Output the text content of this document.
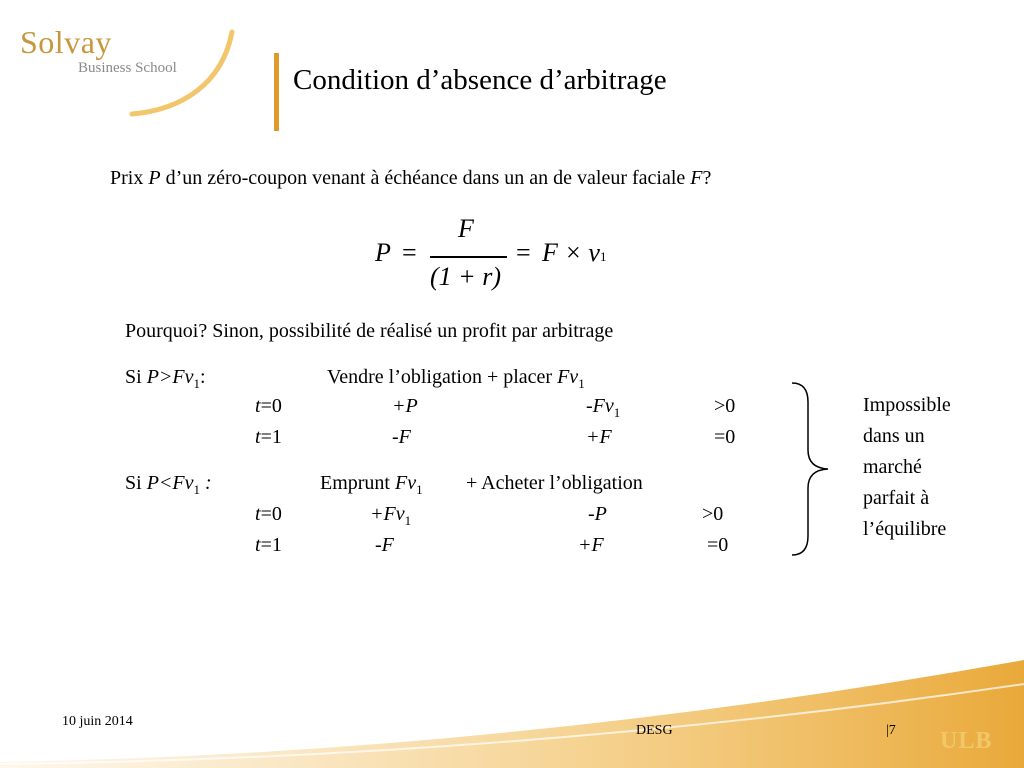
Solvay
Business School	Condition d’absence d’arbitrage
Prix P d’un zéro-coupon venant à échéance dans un an de valeur faciale F?
P =
F
(1 + r)
= F × v1
Pourquoi? Sinon, possibilité de réalisé un profit par arbitrage
Si $P>Fv_1$:	Vendre l’obligation + placer $Fv_1$
t=0	+P	$-Fv_1$	>0
t=1	-F	+F	=0
Si $P<Fv_1$ :	Emprunt $Fv_1$ + Acheter l’obligation
t=0	$+Fv_1$	-P	>0
t=1	-F	+F	=0
Impossible
dans un
marché
parfait à
l’équilibre
10 juin 2014
DESG	|7 ULB
